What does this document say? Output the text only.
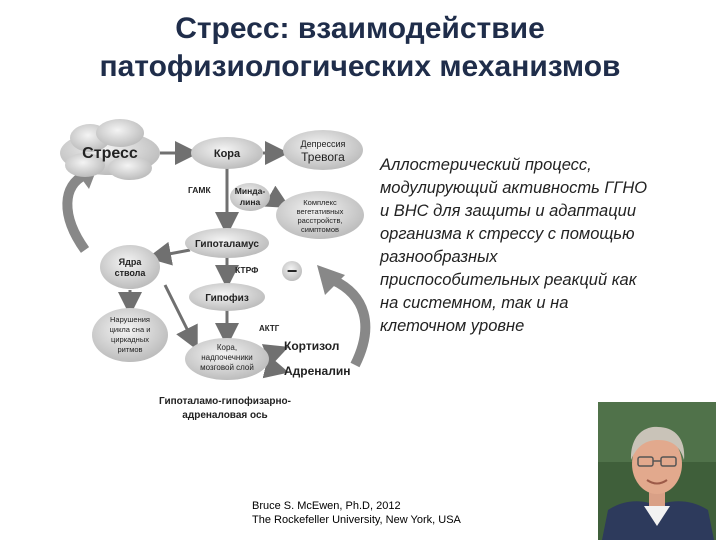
Стресс: взаимодействие
патофизиологических механизмов
Стресс	Кора
Депрессия
Тревога
Минда-
лина
ГАМК
Комплекс
вегетативных
расстройств,
симптомов
Гипоталамус
Ядра
ствола	КТРФ −
Гипофиз
Нарушения
цикла сна и
циркадных
ритмов
АКТГ
Кора,
надпочечники
мозговой слой
Кортизол
Адреналин
Гипоталамо-гипофизарно-
адреналовая ось
Аллостерический процесс,
модулирующий активность ГГНО
и ВНС для защиты и адаптации
организма к стрессу с помощью
разнообразных
приспособительных реакций как
на системном, так и на
клеточном уровне
Bruce S. McEwen, Ph.D, 2012
The Rockefeller University, New York, USA
